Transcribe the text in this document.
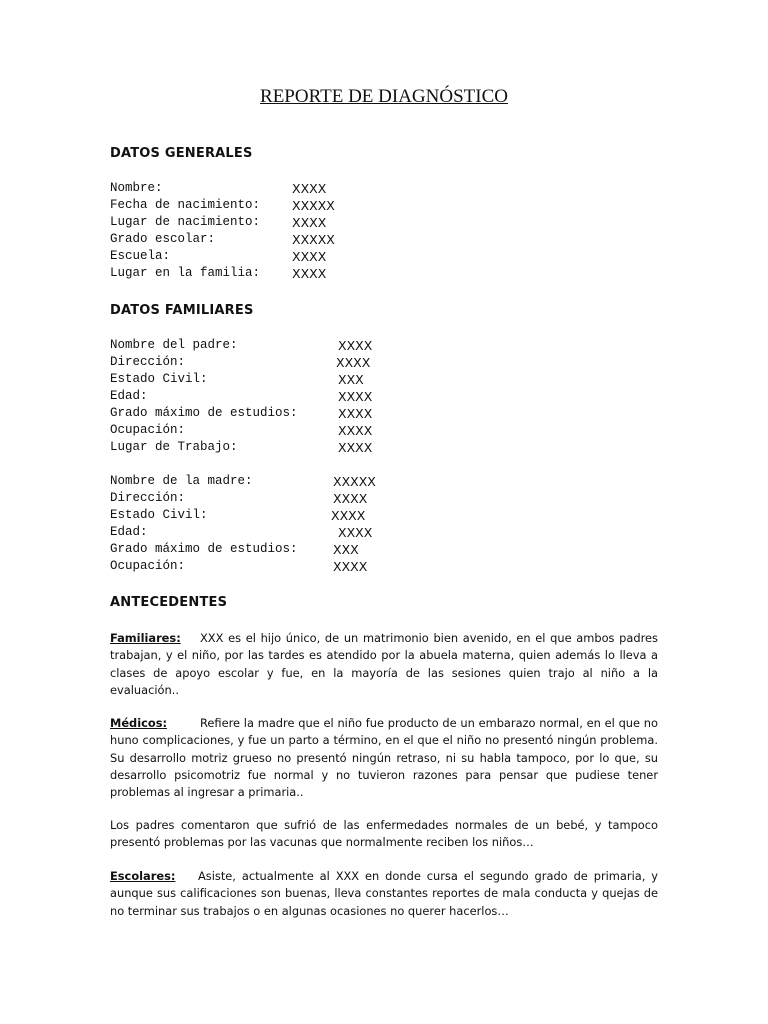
REPORTE DE DIAGNÓSTICO
DATOS GENERALES
Nombre:	XXXX
Fecha de nacimiento:	XXXXX
Lugar de nacimiento:	XXXX
Grado escolar:	XXXXX
Escuela:	XXXX
Lugar en la familia:	XXXX
DATOS FAMILIARES
Nombre del padre:	XXXX
Dirección:	XXXX
Estado Civil:	XXX
Edad:	XXXX
Grado máximo de estudios:	XXXX
Ocupación:	XXXX
Lugar de Trabajo:	XXXX
Nombre de la madre:	XXXXX
Dirección:	XXXX
Estado Civil:	XXXX
Edad:	XXXX
Grado máximo de estudios:	XXX
Ocupación:	XXXX
ANTECEDENTES

Familiares: XXX es el hijo único, de un matrimonio bien avenido, en el que ambos padres trabajan, y el niño, por las tardes es atendido por la abuela materna, quien además lo lleva a clases de apoyo escolar y fue, en la mayoría de las sesiones quien trajo al niño a la evaluación..

Médicos:	Refiere la madre que el niño fue producto de un embarazo normal, en el que no huno complicaciones, y fue un parto a término, en el que el niño no presentó ningún problema. Su desarrollo motriz grueso no presentó ningún retraso, ni su habla tampoco, por lo que, su desarrollo psicomotriz fue normal y no tuvieron razones para pensar que pudiese tener problemas al ingresar a primaria..

Los padres comentaron que sufrió de las enfermedades normales de un bebé, y tampoco presentó problemas por las vacunas que normalmente reciben los niños…

Escolares: Asiste, actualmente al XXX en donde cursa el segundo grado de primaria, y aunque sus calificaciones son buenas, lleva constantes reportes de mala conducta y quejas de no terminar sus trabajos o en algunas ocasiones no querer hacerlos…
